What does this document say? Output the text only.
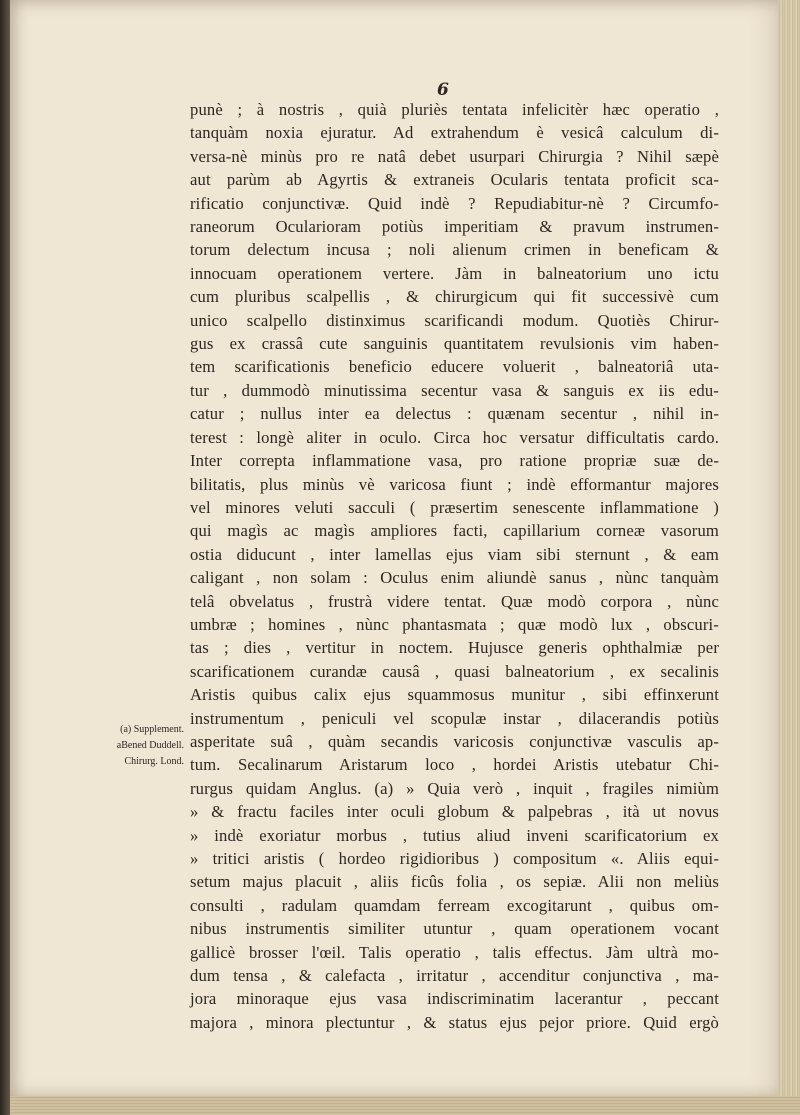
6
punè ; à nostris , quià pluriès tentata infelicitèr hæc operatio ,
tanquàm noxia ejuratur. Ad extrahendum è vesicâ calculum di-
versa-nè minùs pro re natâ debet usurpari Chirurgia ? Nihil sæpè
aut parùm ab Agyrtis & extraneis Ocularis tentata proficit sca-
rificatio conjunctivæ. Quid indè ? Repudiabitur-nè ? Circumfo-
raneorum Ocularioram potiùs imperitiam & pravum instrumen-
torum delectum incusa ; noli alienum crimen in beneficam &
innocuam operationem vertere. Jàm in balneatorium uno ictu
cum pluribus scalpellis , & chirurgicum qui fit successivè cum
unico scalpello distinximus scarificandi modum. Quotiès Chirur-
gus ex crassâ cute sanguinis quantitatem revulsionis vim haben-
tem scarificationis beneficio educere voluerit , balneatoriâ uta-
tur , dummodò minutissima secentur vasa & sanguis ex iis edu-
catur ; nullus inter ea delectus : quænam secentur , nihil in-
terest : longè aliter in oculo. Circa hoc versatur difficultatis cardo.
Inter correpta inflammatione vasa, pro ratione propriæ suæ de-
bilitatis, plus minùs vè varicosa fiunt ; indè efformantur majores
vel minores veluti sacculi ( præsertim senescente inflammatione )
qui magìs ac magìs ampliores facti, capillarium corneæ vasorum
ostia diducunt , inter lamellas ejus viam sibi sternunt , & eam
caligant , non solam : Oculus enim aliundè sanus , nùnc tanquàm
telâ obvelatus , frustrà videre tentat. Quæ modò corpora , nùnc
umbræ ; homines , nùnc phantasmata ; quæ modò lux , obscuri-
tas ; dies , vertitur in noctem. Hujusce generis ophthalmiæ per
scarificationem curandæ causâ , quasi balneatorium , ex secalinis
Aristis quibus calix ejus squammosus munitur , sibi effinxerunt
instrumentum , peniculi vel scopulæ instar , dilacerandis potiùs
asperitate suâ , quàm secandis varicosis conjunctivæ vasculis ap-
tum. Secalinarum Aristarum loco , hordei Aristis utebatur Chi-
rurgus quidam Anglus. (a) » Quia verò , inquit , fragiles nimiùm
» & fractu faciles inter oculi globum & palpebras , ità ut novus
» indè exoriatur morbus , tutius aliud inveni scarificatorium ex
» tritici aristis ( hordeo rigidioribus ) compositum «. Aliis equi-
setum majus placuit , aliis ficûs folia , os sepiæ. Alii non meliùs
consulti , radulam quamdam ferream excogitarunt , quibus om-
nibus instrumentis similiter utuntur , quam operationem vocant
gallicè brosser l'œil. Talis operatio , talis effectus. Jàm ultrà mo-
dum tensa , & calefacta , irritatur , accenditur conjunctiva , ma-
jora minoraque ejus vasa indiscriminatim lacerantur , peccant
majora , minora plectuntur , & status ejus pejor priore. Quid ergò
(a) Supplement.
aBened Duddell.
Chirurg. Lond.
